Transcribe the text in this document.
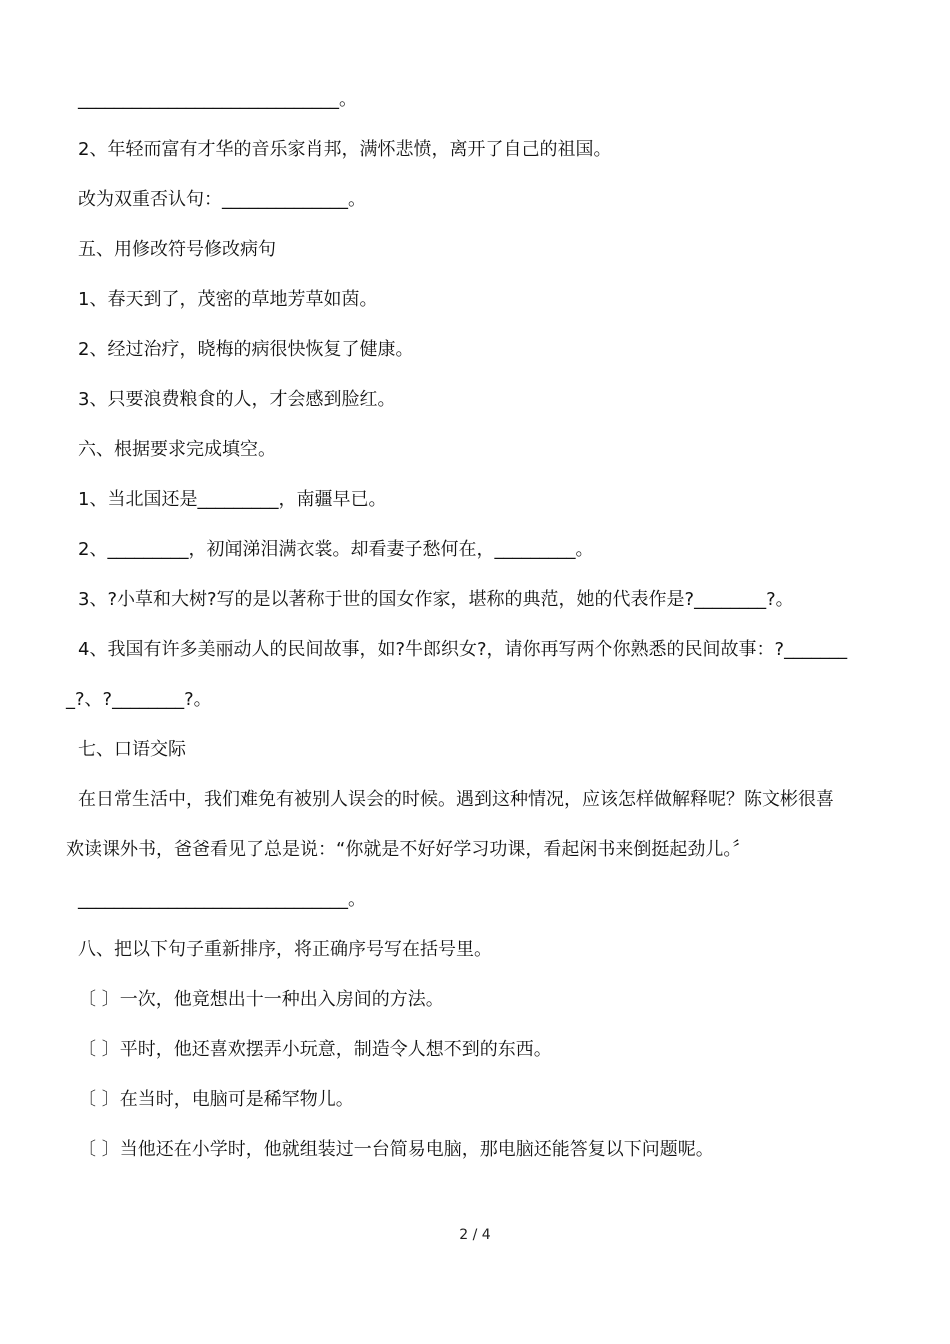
_____________________________。
2、年轻而富有才华的音乐家肖邦，满怀悲愤，离开了自己的祖国。
改为双重否认句：______________。
五、用修改符号修改病句
1、春天到了，茂密的草地芳草如茵。
2、经过治疗，晓梅的病很快恢复了健康。
3、只要浪费粮食的人，才会感到脸红。
六、根据要求完成填空。
1、当北国还是_________，南疆早已。
2、_________，初闻涕泪满衣裳。却看妻子愁何在，_________。
3、?小草和大树?写的是以著称于世的国女作家，堪称的典范，她的代表作是?________?。
4、我国有许多美丽动人的民间故事，如?牛郎织女?，请你再写两个你熟悉的民间故事：?_______
_?、?________?。
七、口语交际
在日常生活中，我们难免有被别人误会的时候。遇到这种情况，应该怎样做解释呢？陈文彬很喜
欢读课外书，爸爸看见了总是说：“你就是不好好学习功课，看起闲书来倒挺起劲儿。〞
______________________________。
八、把以下句子重新排序，将正确序号写在括号里。
〔 〕一次，他竟想出十一种出入房间的方法。
〔 〕平时，他还喜欢摆弄小玩意，制造令人想不到的东西。
〔 〕在当时，电脑可是稀罕物儿。
〔 〕当他还在小学时，他就组装过一台简易电脑，那电脑还能答复以下问题呢。
2 / 4
